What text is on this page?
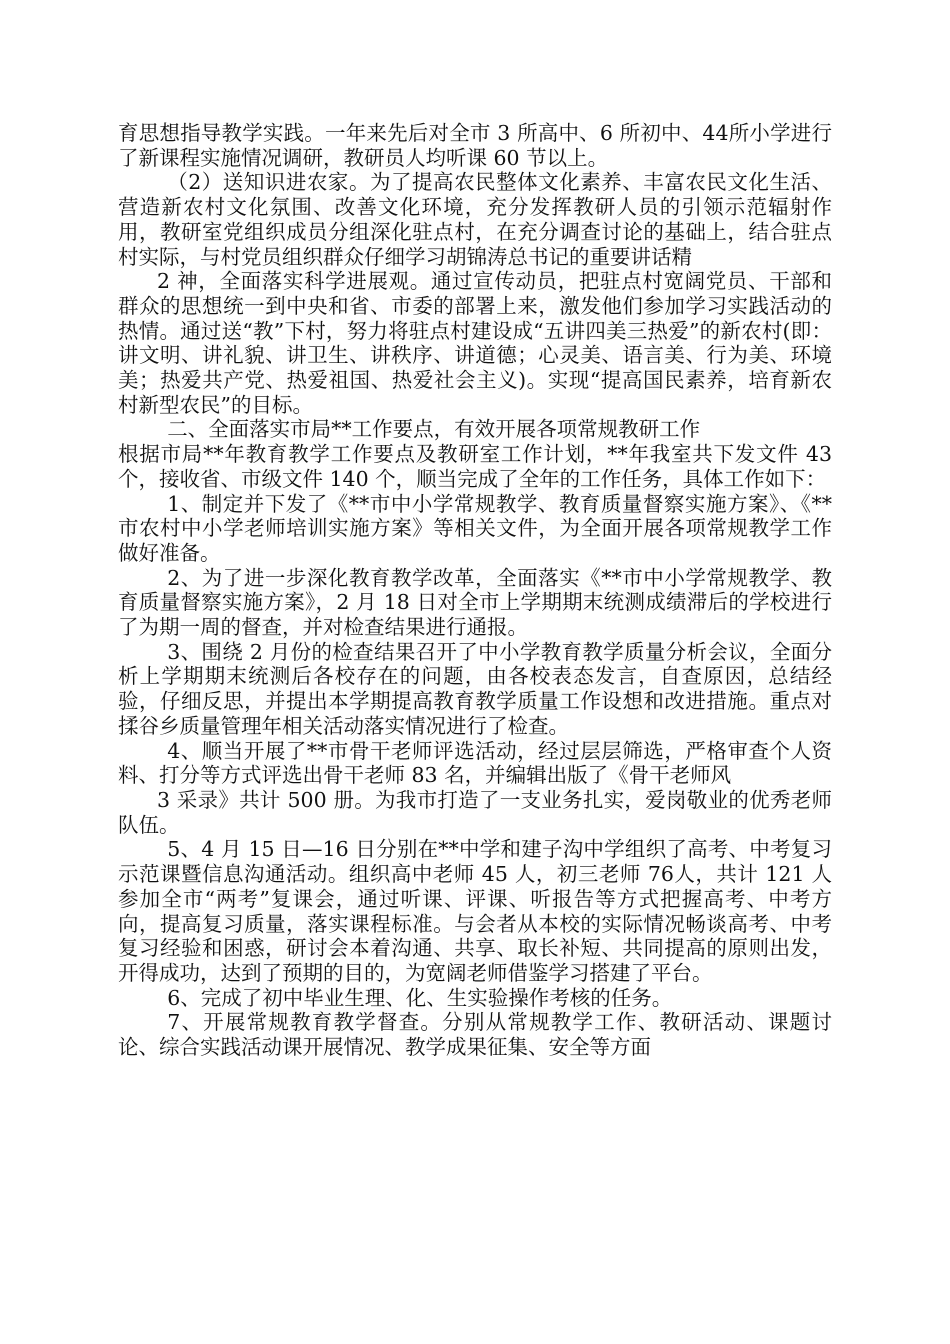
育思想指导教学实践。一年来先后对全市 3 所高中、6 所初中、44所小学进行了新课程实施情况调研，教研员人均听课 60 节以上。

（2）送知识进农家。为了提高农民整体文化素养、丰富农民文化生活、营造新农村文化氛围、改善文化环境，充分发挥教研人员的引领示范辐射作用，教研室党组织成员分组深化驻点村，在充分调查讨论的基础上，结合驻点村实际，与村党员组织群众仔细学习胡锦涛总书记的重要讲话精

2 神，全面落实科学进展观。通过宣传动员，把驻点村宽阔党员、干部和群众的思想统一到中央和省、市委的部署上来，激发他们参加学习实践活动的热情。通过送“教”下村，努力将驻点村建设成“五讲四美三热爱”的新农村(即：讲文明、讲礼貌、讲卫生、讲秩序、讲道德；心灵美、语言美、行为美、环境美；热爱共产党、热爱祖国、热爱社会主义)。实现“提高国民素养，培育新农村新型农民”的目标。

二、全面落实市局**工作要点，有效开展各项常规教研工作

根据市局**年教育教学工作要点及教研室工作计划，**年我室共下发文件 43 个，接收省、市级文件 140 个，顺当完成了全年的工作任务，具体工作如下：

1、制定并下发了《**市中小学常规教学、教育质量督察实施方案》、《**市农村中小学老师培训实施方案》等相关文件，为全面开展各项常规教学工作做好准备。

2、为了进一步深化教育教学改革，全面落实《**市中小学常规教学、教育质量督察实施方案》，2 月 18 日对全市上学期期末统测成绩滞后的学校进行了为期一周的督查，并对检查结果进行通报。

3、围绕 2 月份的检查结果召开了中小学教育教学质量分析会议，全面分析上学期期末统测后各校存在的问题，由各校表态发言，自查原因，总结经验，仔细反思，并提出本学期提高教育教学质量工作设想和改进措施。重点对揉谷乡质量管理年相关活动落实情况进行了检查。

4、顺当开展了**市骨干老师评选活动，经过层层筛选，严格审查个人资料、打分等方式评选出骨干老师 83 名，并编辑出版了《骨干老师风

3 采录》共计 500 册。为我市打造了一支业务扎实，爱岗敬业的优秀老师队伍。

5、4 月 15 日—16 日分别在**中学和建子沟中学组织了高考、中考复习示范课暨信息沟通活动。组织高中老师 45 人，初三老师 76人，共计 121 人参加全市“两考”复课会，通过听课、评课、听报告等方式把握高考、中考方向，提高复习质量，落实课程标准。与会者从本校的实际情况畅谈高考、中考复习经验和困惑，研讨会本着沟通、共享、取长补短、共同提高的原则出发，开得成功，达到了预期的目的，为宽阔老师借鉴学习搭建了平台。

6、完成了初中毕业生理、化、生实验操作考核的任务。

7、开展常规教育教学督查。分别从常规教学工作、教研活动、课题讨论、综合实践活动课开展情况、教学成果征集、安全等方面
